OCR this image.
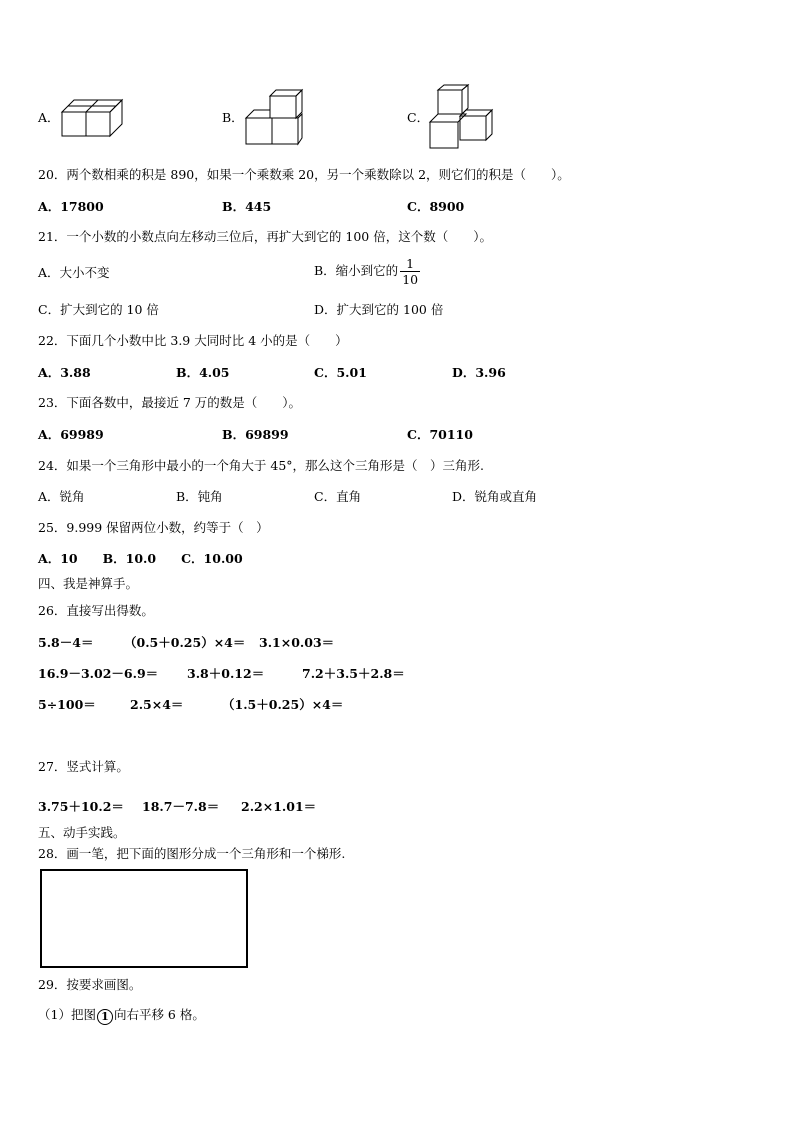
A．	B．	C．
20．两个数相乘的积是 890，如果一个乘数乘 20，另一个乘数除以 2，则它们的积是（　　）。
A．17800	B．445	C．8900
21．一个小数的小数点向左移动三位后，再扩大到它的 100 倍，这个数（　　）。
A．大小不变	B．缩小到它的 $\frac{1}{10}$
C．扩大到它的 10 倍	D．扩大到它的 100 倍
22．下面几个小数中比 3.9 大同时比 4 小的是（　　）
A．3.88	B．4.05	C．5.01	D．3.96
23．下面各数中，最接近 7 万的数是（　　）。
A．69989	B．69899	C．70110
24．如果一个三角形中最小的一个角大于 45°，那么这个三角形是（　）三角形.
A．锐角	B．钝角	C．直角	D．锐角或直角
25．9.999 保留两位小数，约等于（　）
A．10　　B．10.0　　C．10.00
四、我是神算手。
26．直接写出得数。
5.8－4＝ （0.5＋0.25）×4＝ 3.1×0.03＝
16.9－3.02－6.9＝ 3.8＋0.12＝	7.2＋3.5＋2.8＝
5÷100＝	2.5×4＝	（1.5＋0.25）×4＝
27．竖式计算。
3.75＋10.2＝ 18.7－7.8＝ 2.2×1.01＝
五、动手实践。
28．画一笔，把下面的图形分成一个三角形和一个梯形.
29．按要求画图。
（1）把图 1 向右平移 6 格。
